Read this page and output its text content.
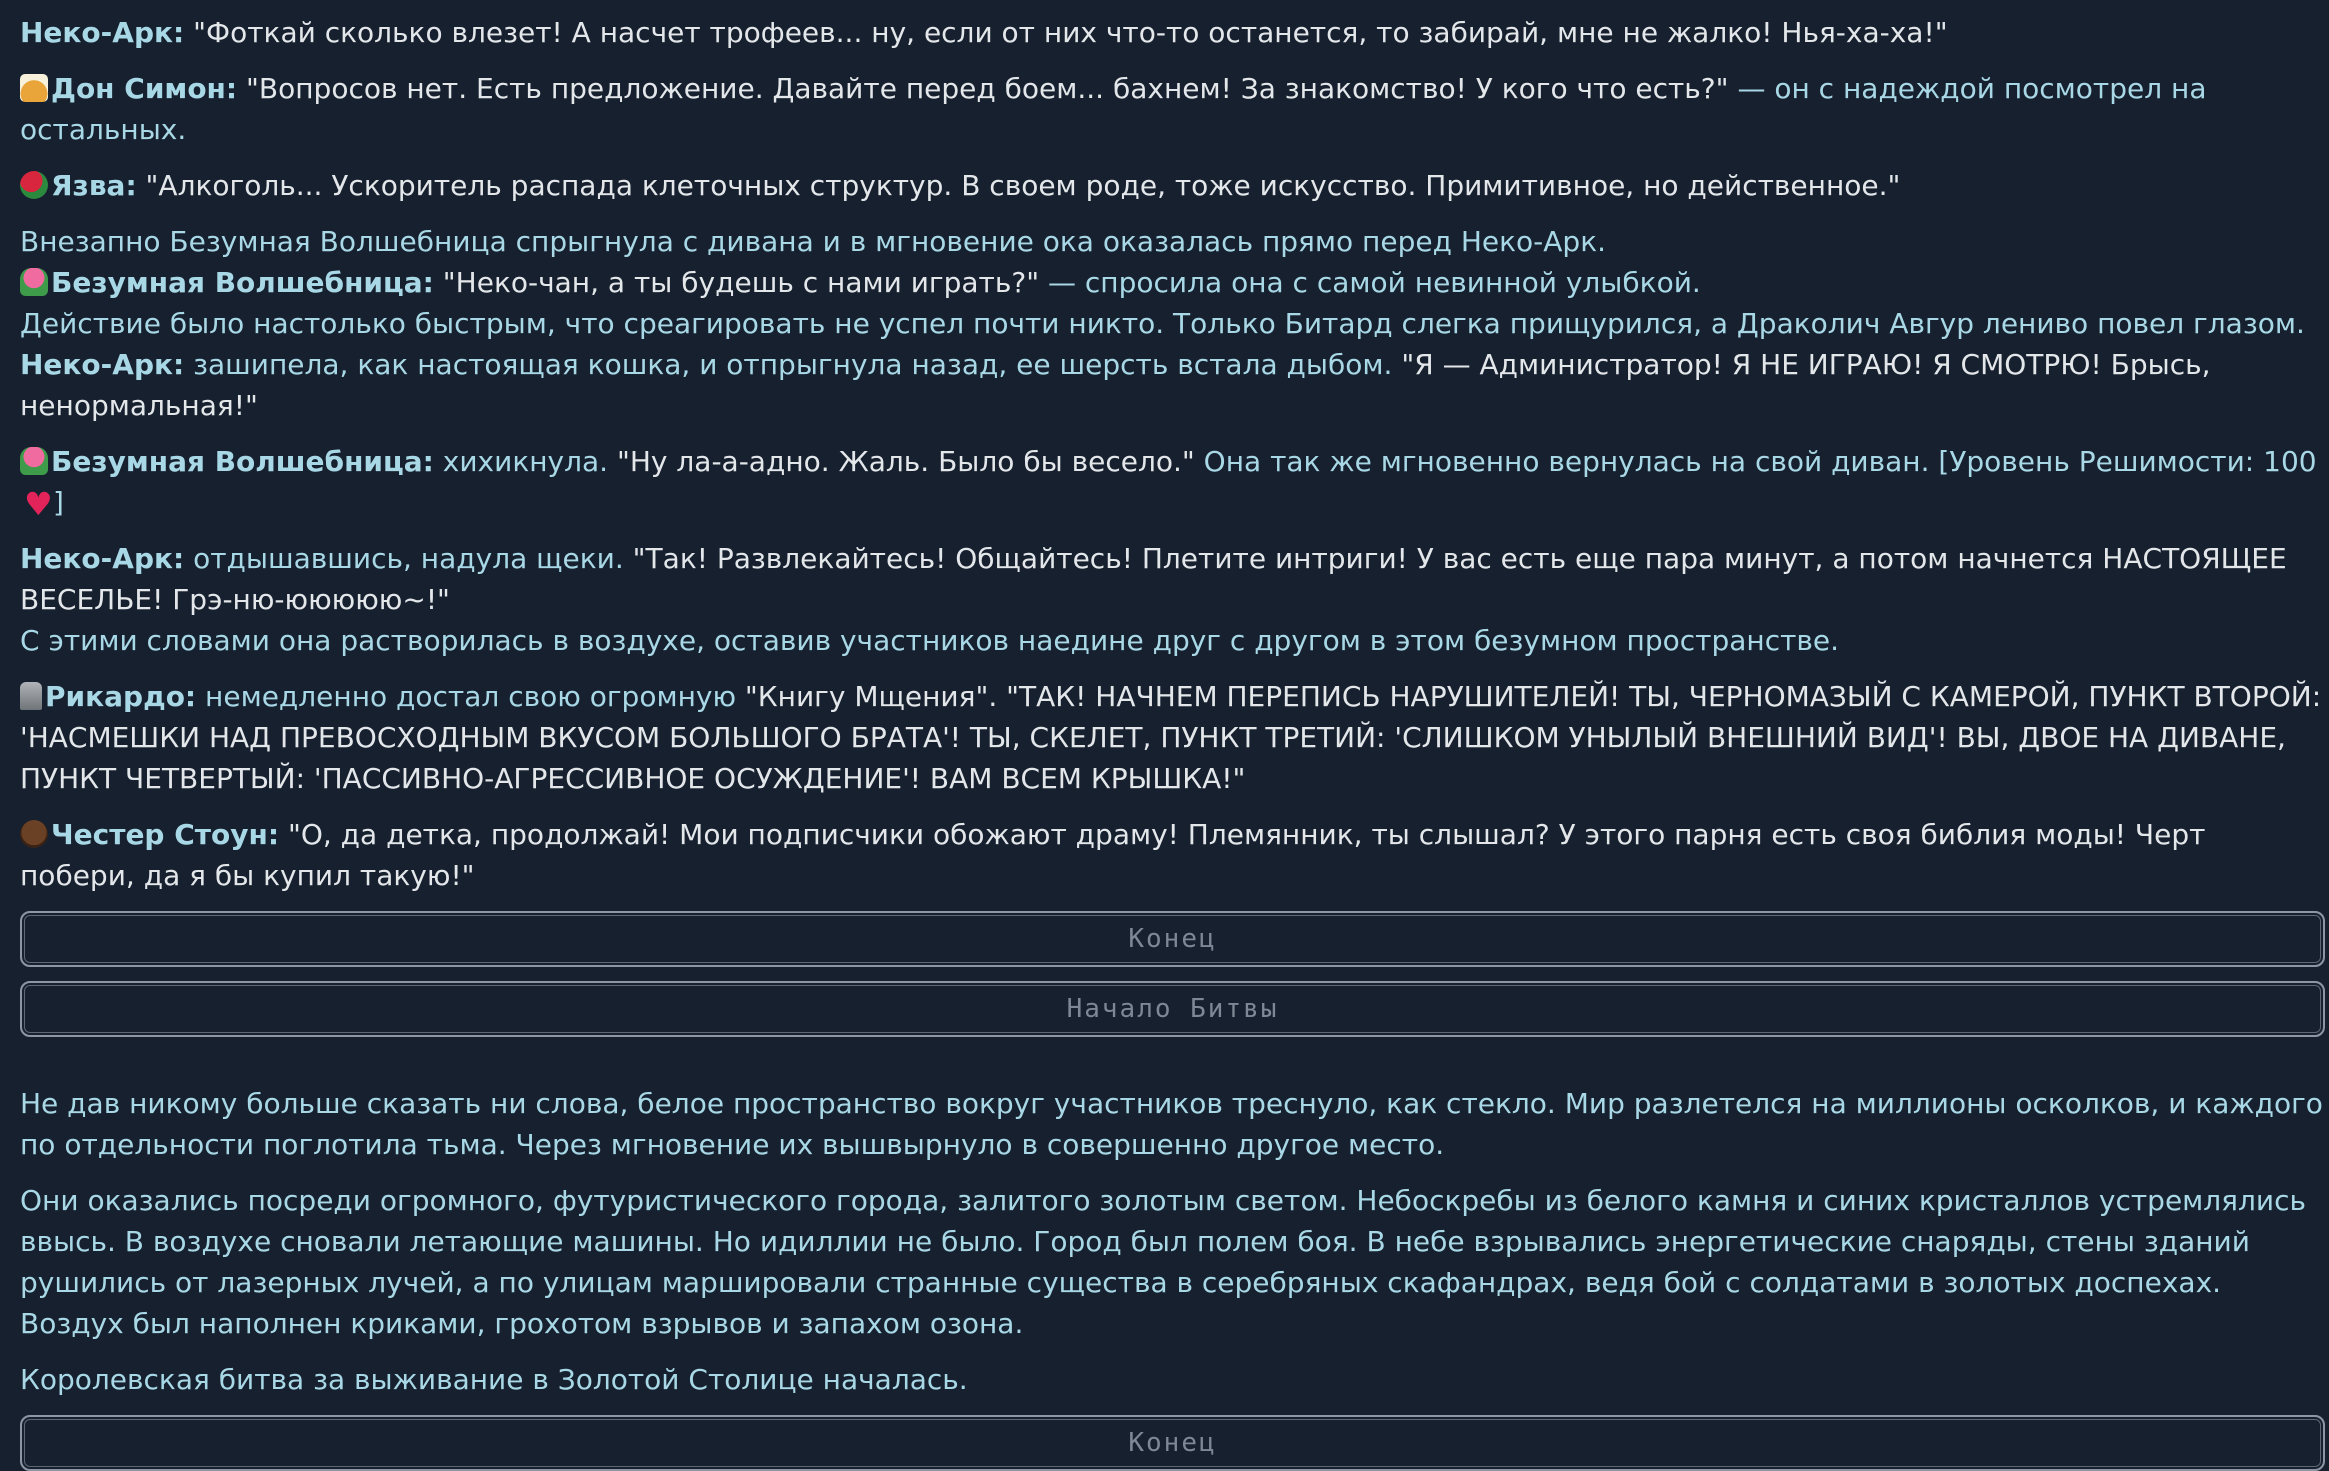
Неко-Арк: "Фоткай сколько влезет! А насчет трофеев... ну, если от них что-то останется, то забирай, мне не жалко! Нья-ха-ха!"
Дон Симон: "Вопросов нет. Есть предложение. Давайте перед боем... бахнем! За знакомство! У кого что есть?" — он с надеждой посмотрел на остальных.
Язва: "Алкоголь... Ускоритель распада клеточных структур. В своем роде, тоже искусство. Примитивное, но действенное."
Внезапно Безумная Волшебница спрыгнула с дивана и в мгновение ока оказалась прямо перед Неко-Арк.
Безумная Волшебница: "Неко-чан, а ты будешь с нами играть?" — спросила она с самой невинной улыбкой.
Действие было настолько быстрым, что среагировать не успел почти никто. Только Битард слегка прищурился, а Драколич Авгур лениво повел глазом.
Неко-Арк: зашипела, как настоящая кошка, и отпрыгнула назад, ее шерсть встала дыбом. "Я — Администратор! Я НЕ ИГРАЮ! Я СМОТРЮ! Брысь, ненормальная!"
Безумная Волшебница: хихикнула. "Ну ла-а-адно. Жаль. Было бы весело." Она так же мгновенно вернулась на свой диван. [Уровень Решимости: 100♥]
Неко-Арк: отдышавшись, надула щеки. "Так! Развлекайтесь! Общайтесь! Плетите интриги! У вас есть еще пара минут, а потом начнется НАСТОЯЩЕЕ ВЕСЕЛЬЕ! Грэ-ню-ююююю~!"
С этими словами она растворилась в воздухе, оставив участников наедине друг с другом в этом безумном пространстве.
Рикардо: немедленно достал свою огромную "Книгу Мщения". "ТАК! НАЧНЕМ ПЕРЕПИСЬ НАРУШИТЕЛЕЙ! ТЫ, ЧЕРНОМАЗЫЙ С КАМЕРОЙ, ПУНКТ ВТОРОЙ: 'НАСМЕШКИ НАД ПРЕВОСХОДНЫМ ВКУСОМ БОЛЬШОГО БРАТА'! ТЫ, СКЕЛЕТ, ПУНКТ ТРЕТИЙ: 'СЛИШКОМ УНЫЛЫЙ ВНЕШНИЙ ВИД'! ВЫ, ДВОЕ НА ДИВАНЕ, ПУНКТ ЧЕТВЕРТЫЙ: 'ПАССИВНО-АГРЕССИВНОЕ ОСУЖДЕНИЕ'! ВАМ ВСЕМ КРЫШКА!"
Честер Стоун: "О, да детка, продолжай! Мои подписчики обожают драму! Племянник, ты слышал? У этого парня есть своя библия моды! Черт побери, да я бы купил такую!"
Конец
Начало Битвы
Не дав никому больше сказать ни слова, белое пространство вокруг участников треснуло, как стекло. Мир разлетелся на миллионы осколков, и каждого по отдельности поглотила тьма. Через мгновение их вышвырнуло в совершенно другое место.
Они оказались посреди огромного, футуристического города, залитого золотым светом. Небоскребы из белого камня и синих кристаллов устремлялись ввысь. В воздухе сновали летающие машины. Но идиллии не было. Город был полем боя. В небе взрывались энергетические снаряды, стены зданий рушились от лазерных лучей, а по улицам маршировали странные существа в серебряных скафандрах, ведя бой с солдатами в золотых доспехах. Воздух был наполнен криками, грохотом взрывов и запахом озона.
Королевская битва за выживание в Золотой Столице началась.
Конец
